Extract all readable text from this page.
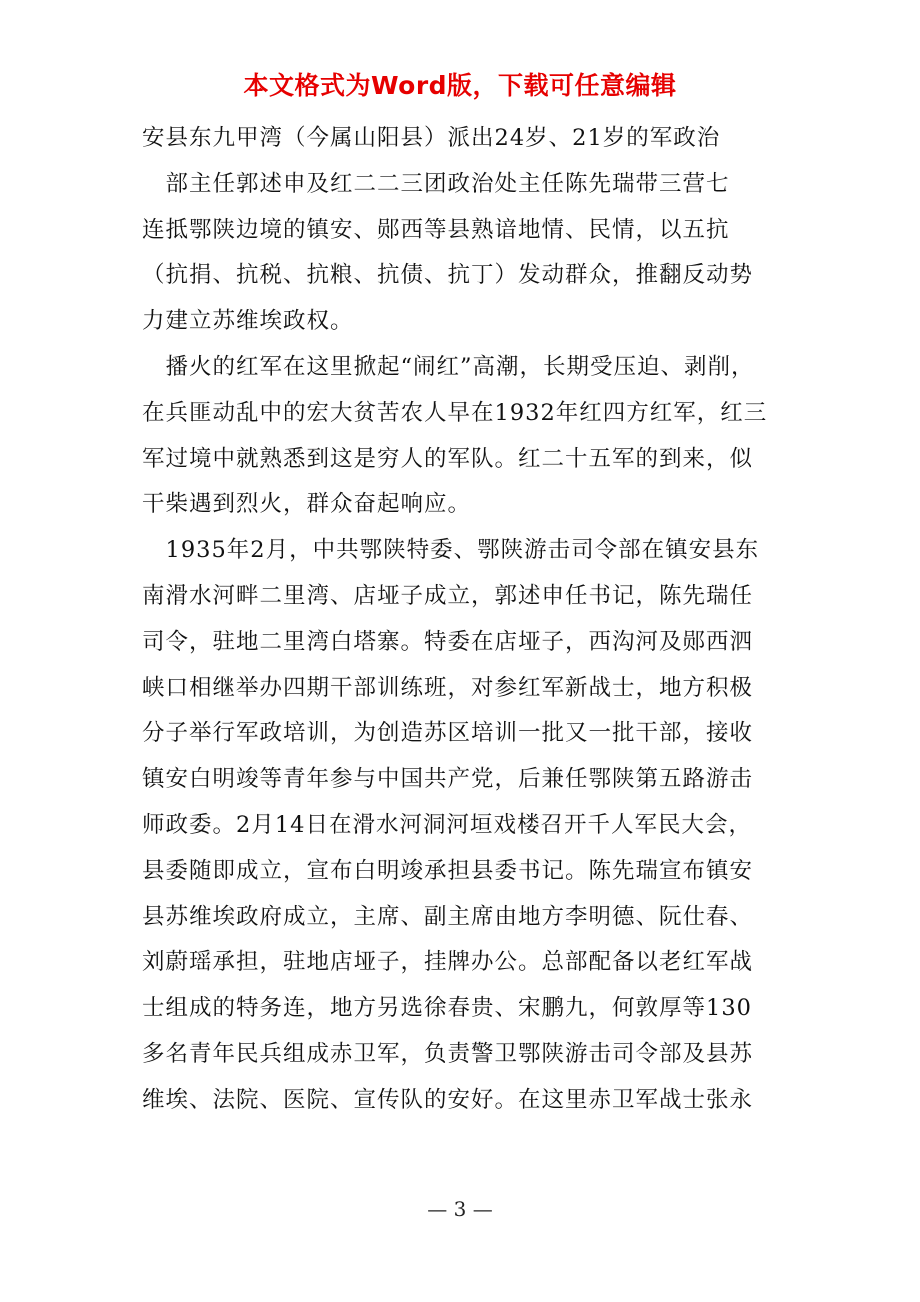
本文格式为Word版，下载可任意编辑
安县东九甲湾（今属山阳县）派出24岁、21岁的军政治
　部主任郭述申及红二二三团政治处主任陈先瑞带三营七
连抵鄂陕边境的镇安、郧西等县熟谙地情、民情，以五抗
（抗捐、抗税、抗粮、抗债、抗丁）发动群众，推翻反动势
力建立苏维埃政权。
　播火的红军在这里掀起“闹红”高潮，长期受压迫、剥削，
在兵匪动乱中的宏大贫苦农人早在1932年红四方红军，红三
军过境中就熟悉到这是穷人的军队。红二十五军的到来，似
干柴遇到烈火，群众奋起响应。
　1935年2月，中共鄂陕特委、鄂陕游击司令部在镇安县东
南滑水河畔二里湾、店垭子成立，郭述申任书记，陈先瑞任
司令，驻地二里湾白塔寨。特委在店垭子，西沟河及郧西泗
峡口相继举办四期干部训练班，对参红军新战士，地方积极
分子举行军政培训，为创造苏区培训一批又一批干部，接收
镇安白明竣等青年参与中国共产党，后兼任鄂陕第五路游击
师政委。2月14日在滑水河洞河垣戏楼召开千人军民大会，
县委随即成立，宣布白明竣承担县委书记。陈先瑞宣布镇安
县苏维埃政府成立，主席、副主席由地方李明德、阮仕春、
刘蔚瑶承担，驻地店垭子，挂牌办公。总部配备以老红军战
士组成的特务连，地方另选徐春贵、宋鹏九，何敦厚等130
多名青年民兵组成赤卫军，负责警卫鄂陕游击司令部及县苏
维埃、法院、医院、宣传队的安好。在这里赤卫军战士张永
— 3 —
